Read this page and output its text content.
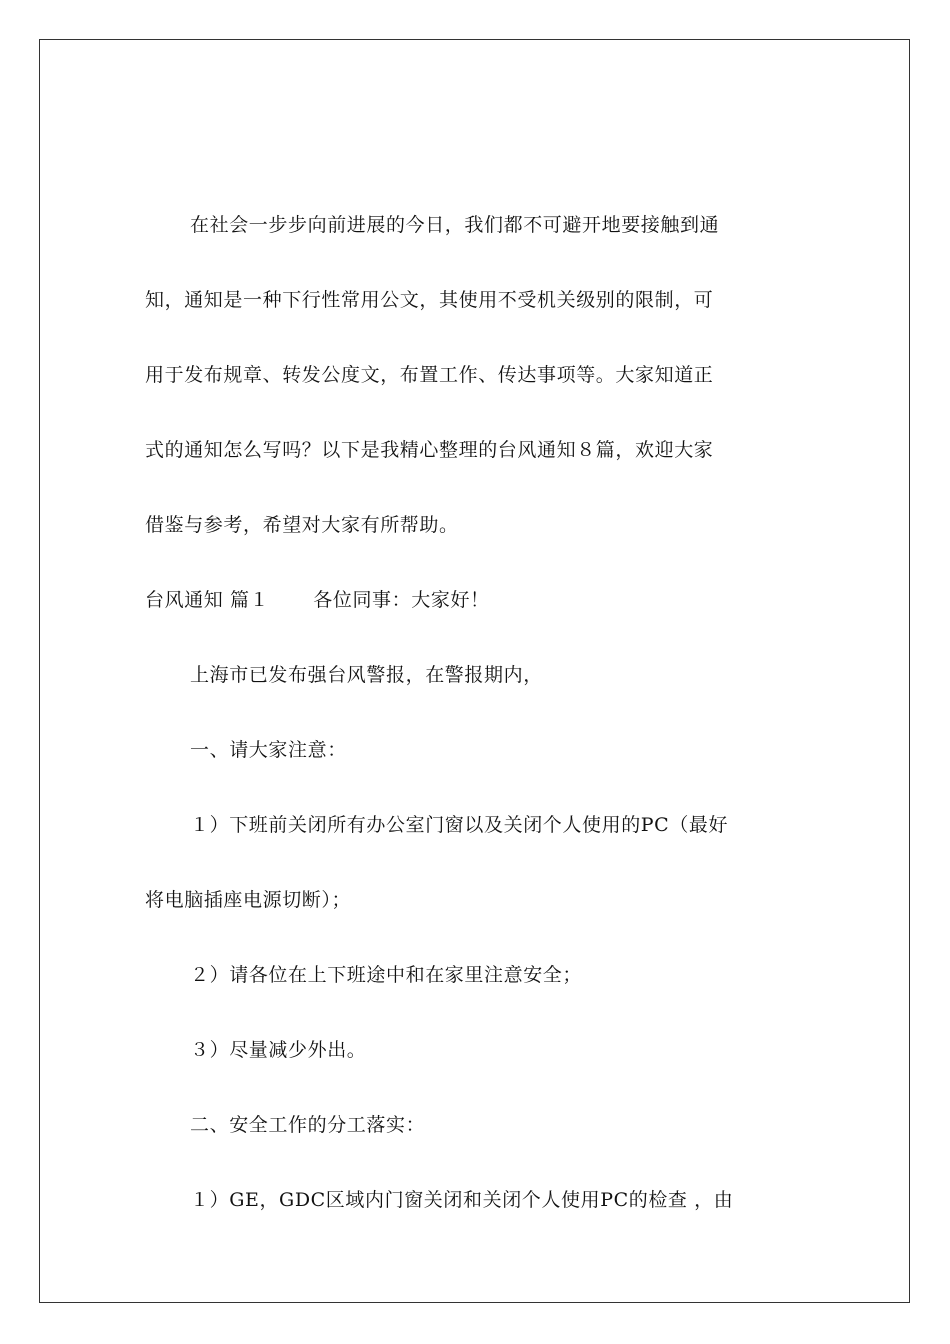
在社会一步步向前进展的今日，我们都不可避开地要接触到通
知，通知是一种下行性常用公文，其使用不受机关级别的限制，可
用于发布规章、转发公度文，布置工作、传达事项等。大家知道正
式的通知怎么写吗？以下是我精心整理的台风通知８篇，欢迎大家
借鉴与参考，希望对大家有所帮助。
台风通知 篇１ 各位同事：大家好！
上海市已发布强台风警报，在警报期内，
一、请大家注意：
１）下班前关闭所有办公室门窗以及关闭个人使用的PC（最好
将电脑插座电源切断）；
２）请各位在上下班途中和在家里注意安全；
３）尽量减少外出。
二、安全工作的分工落实：
１）GE，GDC区域内门窗关闭和关闭个人使用PC的检查 ，由
